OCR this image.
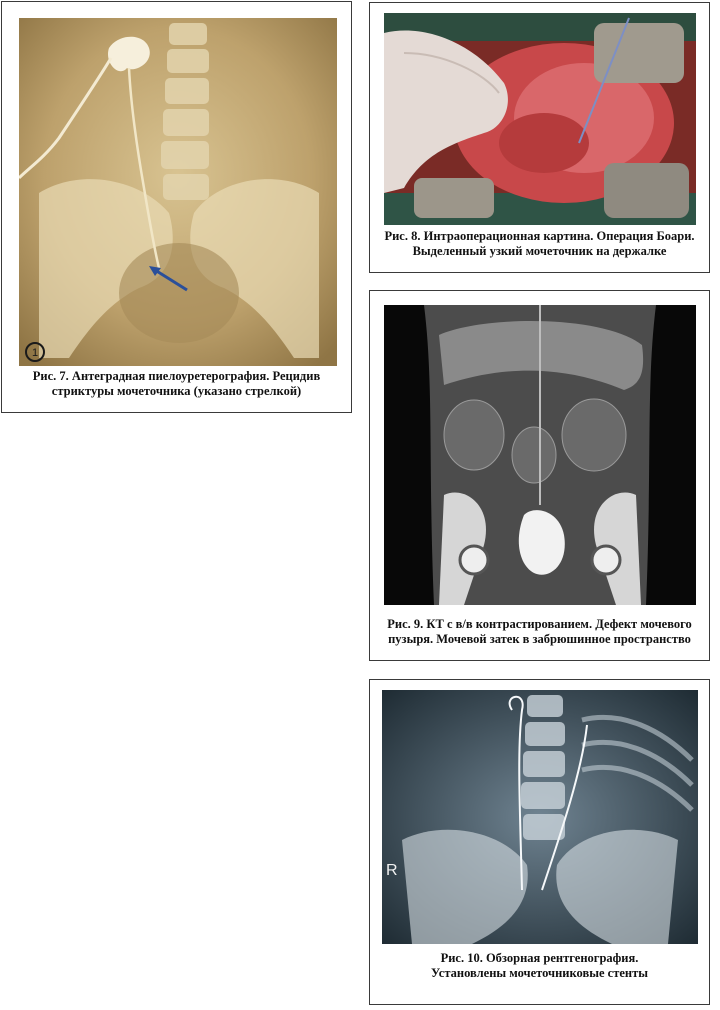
1
Рис. 7. Антеградная пиелоуретерография. Рецидив
стриктуры мочеточника (указано стрелкой)
Рис. 8. Интраоперационная картина. Операция Боари.
Выделенный узкий мочеточник на держалке
Рис. 9. КТ с в/в контрастированием. Дефект мочевого
пузыря. Мочевой затек в забрюшинное пространство
R
Рис. 10. Обзорная рентгенография.
Установлены мочеточниковые стенты
